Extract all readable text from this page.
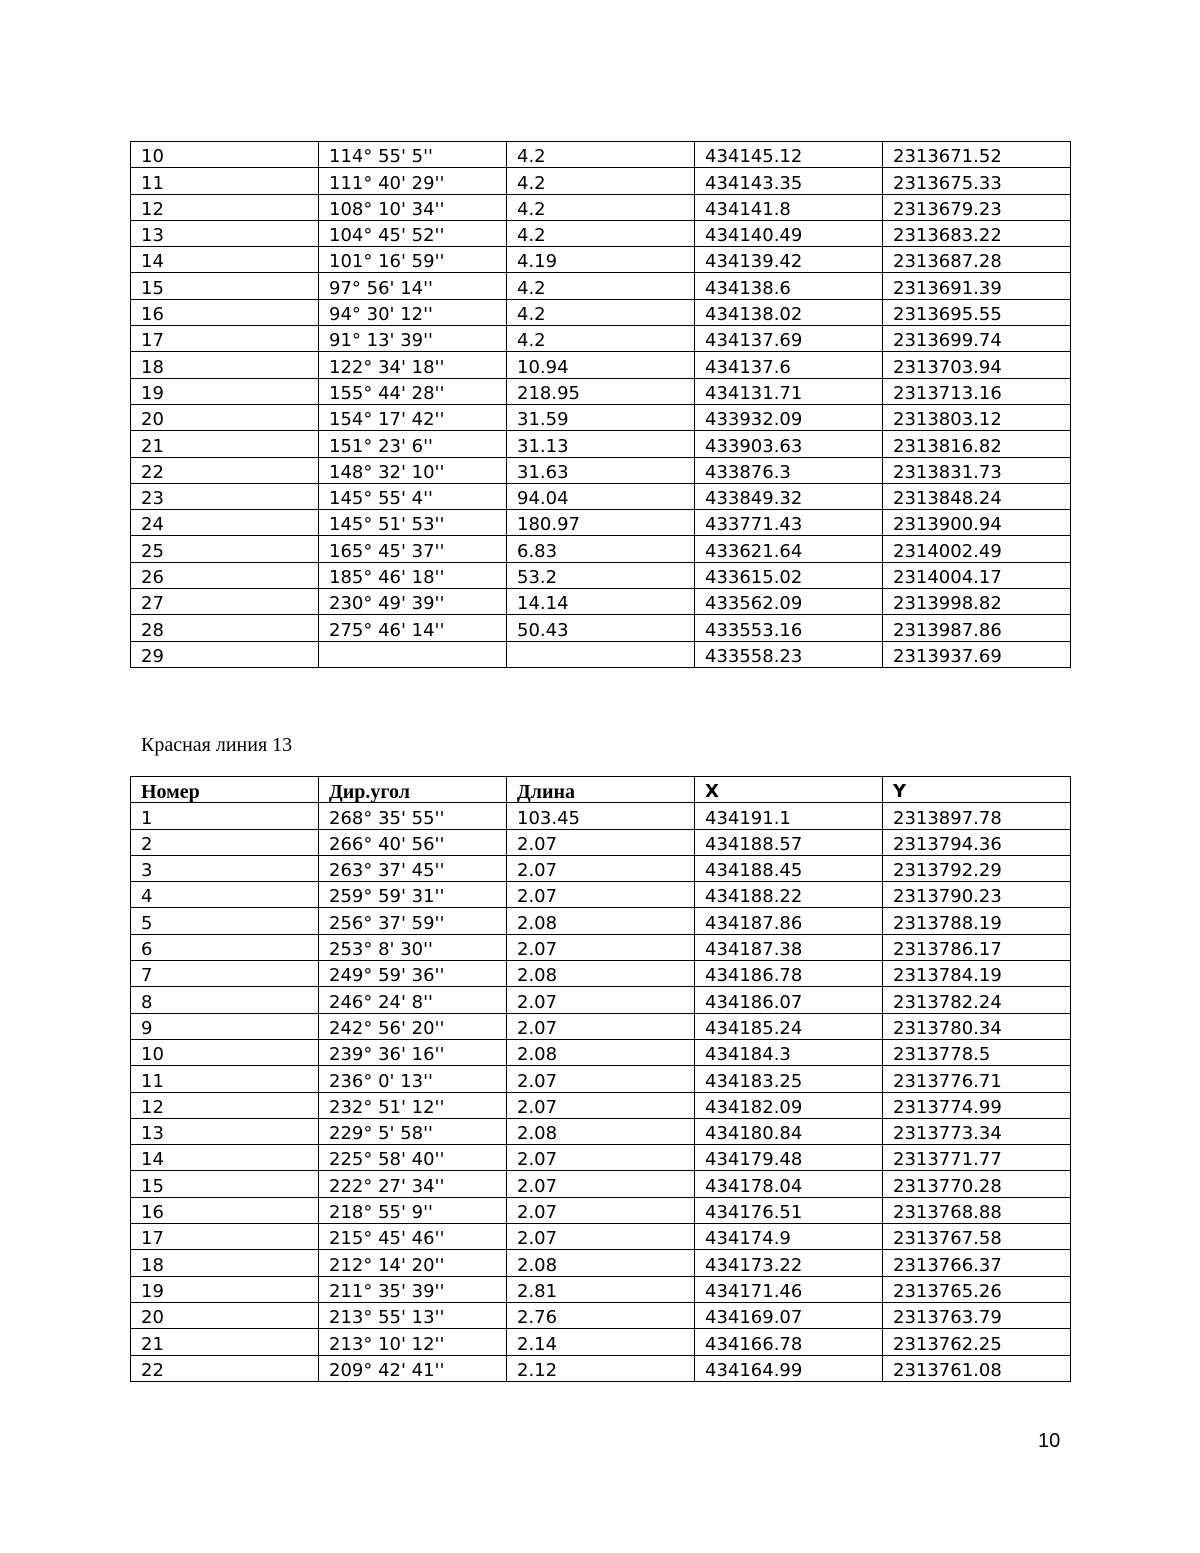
10	114° 55' 5''	4.2	434145.12	2313671.52
11	111° 40' 29''	4.2	434143.35	2313675.33
12	108° 10' 34''	4.2	434141.8	2313679.23
13	104° 45' 52''	4.2	434140.49	2313683.22
14	101° 16' 59''	4.19	434139.42	2313687.28
15	97° 56' 14''	4.2	434138.6	2313691.39
16	94° 30' 12''	4.2	434138.02	2313695.55
17	91° 13' 39''	4.2	434137.69	2313699.74
18	122° 34' 18''	10.94	434137.6	2313703.94
19	155° 44' 28''	218.95	434131.71	2313713.16
20	154° 17' 42''	31.59	433932.09	2313803.12
21	151° 23' 6''	31.13	433903.63	2313816.82
22	148° 32' 10''	31.63	433876.3	2313831.73
23	145° 55' 4''	94.04	433849.32	2313848.24
24	145° 51' 53''	180.97	433771.43	2313900.94
25	165° 45' 37''	6.83	433621.64	2314002.49
26	185° 46' 18''	53.2	433615.02	2314004.17
27	230° 49' 39''	14.14	433562.09	2313998.82
28	275° 46' 14''	50.43	433553.16	2313987.86
29			433558.23	2313937.69
Красная линия 13
Номер	Дир.угол	Длина	X	Y
1	268° 35' 55''	103.45	434191.1	2313897.78
2	266° 40' 56''	2.07	434188.57	2313794.36
3	263° 37' 45''	2.07	434188.45	2313792.29
4	259° 59' 31''	2.07	434188.22	2313790.23
5	256° 37' 59''	2.08	434187.86	2313788.19
6	253° 8' 30''	2.07	434187.38	2313786.17
7	249° 59' 36''	2.08	434186.78	2313784.19
8	246° 24' 8''	2.07	434186.07	2313782.24
9	242° 56' 20''	2.07	434185.24	2313780.34
10	239° 36' 16''	2.08	434184.3	2313778.5
11	236° 0' 13''	2.07	434183.25	2313776.71
12	232° 51' 12''	2.07	434182.09	2313774.99
13	229° 5' 58''	2.08	434180.84	2313773.34
14	225° 58' 40''	2.07	434179.48	2313771.77
15	222° 27' 34''	2.07	434178.04	2313770.28
16	218° 55' 9''	2.07	434176.51	2313768.88
17	215° 45' 46''	2.07	434174.9	2313767.58
18	212° 14' 20''	2.08	434173.22	2313766.37
19	211° 35' 39''	2.81	434171.46	2313765.26
20	213° 55' 13''	2.76	434169.07	2313763.79
21	213° 10' 12''	2.14	434166.78	2313762.25
22	209° 42' 41''	2.12	434164.99	2313761.08
10
